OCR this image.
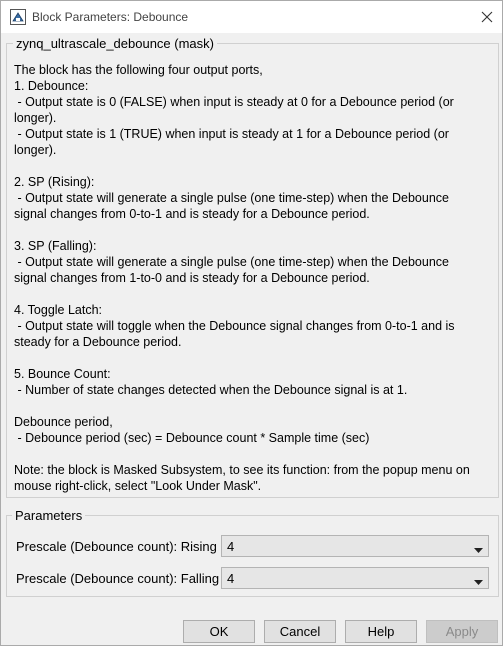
Block Parameters: Debounce
zynq_ultrascale_debounce (mask)
The block has the following four output ports,
1. Debounce:
- Output state is 0 (FALSE) when input is steady at 0 for a Debounce period (or
longer).
- Output state is 1 (TRUE) when input is steady at 1 for a Debounce period (or
longer).

2. SP (Rising):
- Output state will generate a single pulse (one time-step) when the Debounce
signal changes from 0-to-1 and is steady for a Debounce period.

3. SP (Falling):
- Output state will generate a single pulse (one time-step) when the Debounce
signal changes from 1-to-0 and is steady for a Debounce period.

4. Toggle Latch:
- Output state will toggle when the Debounce signal changes from 0-to-1 and is
steady for a Debounce period.

5. Bounce Count:
- Number of state changes detected when the Debounce signal is at 1.

Debounce period,
- Debounce period (sec) = Debounce count * Sample time (sec)

Note: the block is Masked Subsystem, to see its function: from the popup menu on
mouse right-click, select "Look Under Mask".
Parameters
Prescale (Debounce count): Rising 4
Prescale (Debounce count): Falling 4
OK	Cancel	Help	Apply
